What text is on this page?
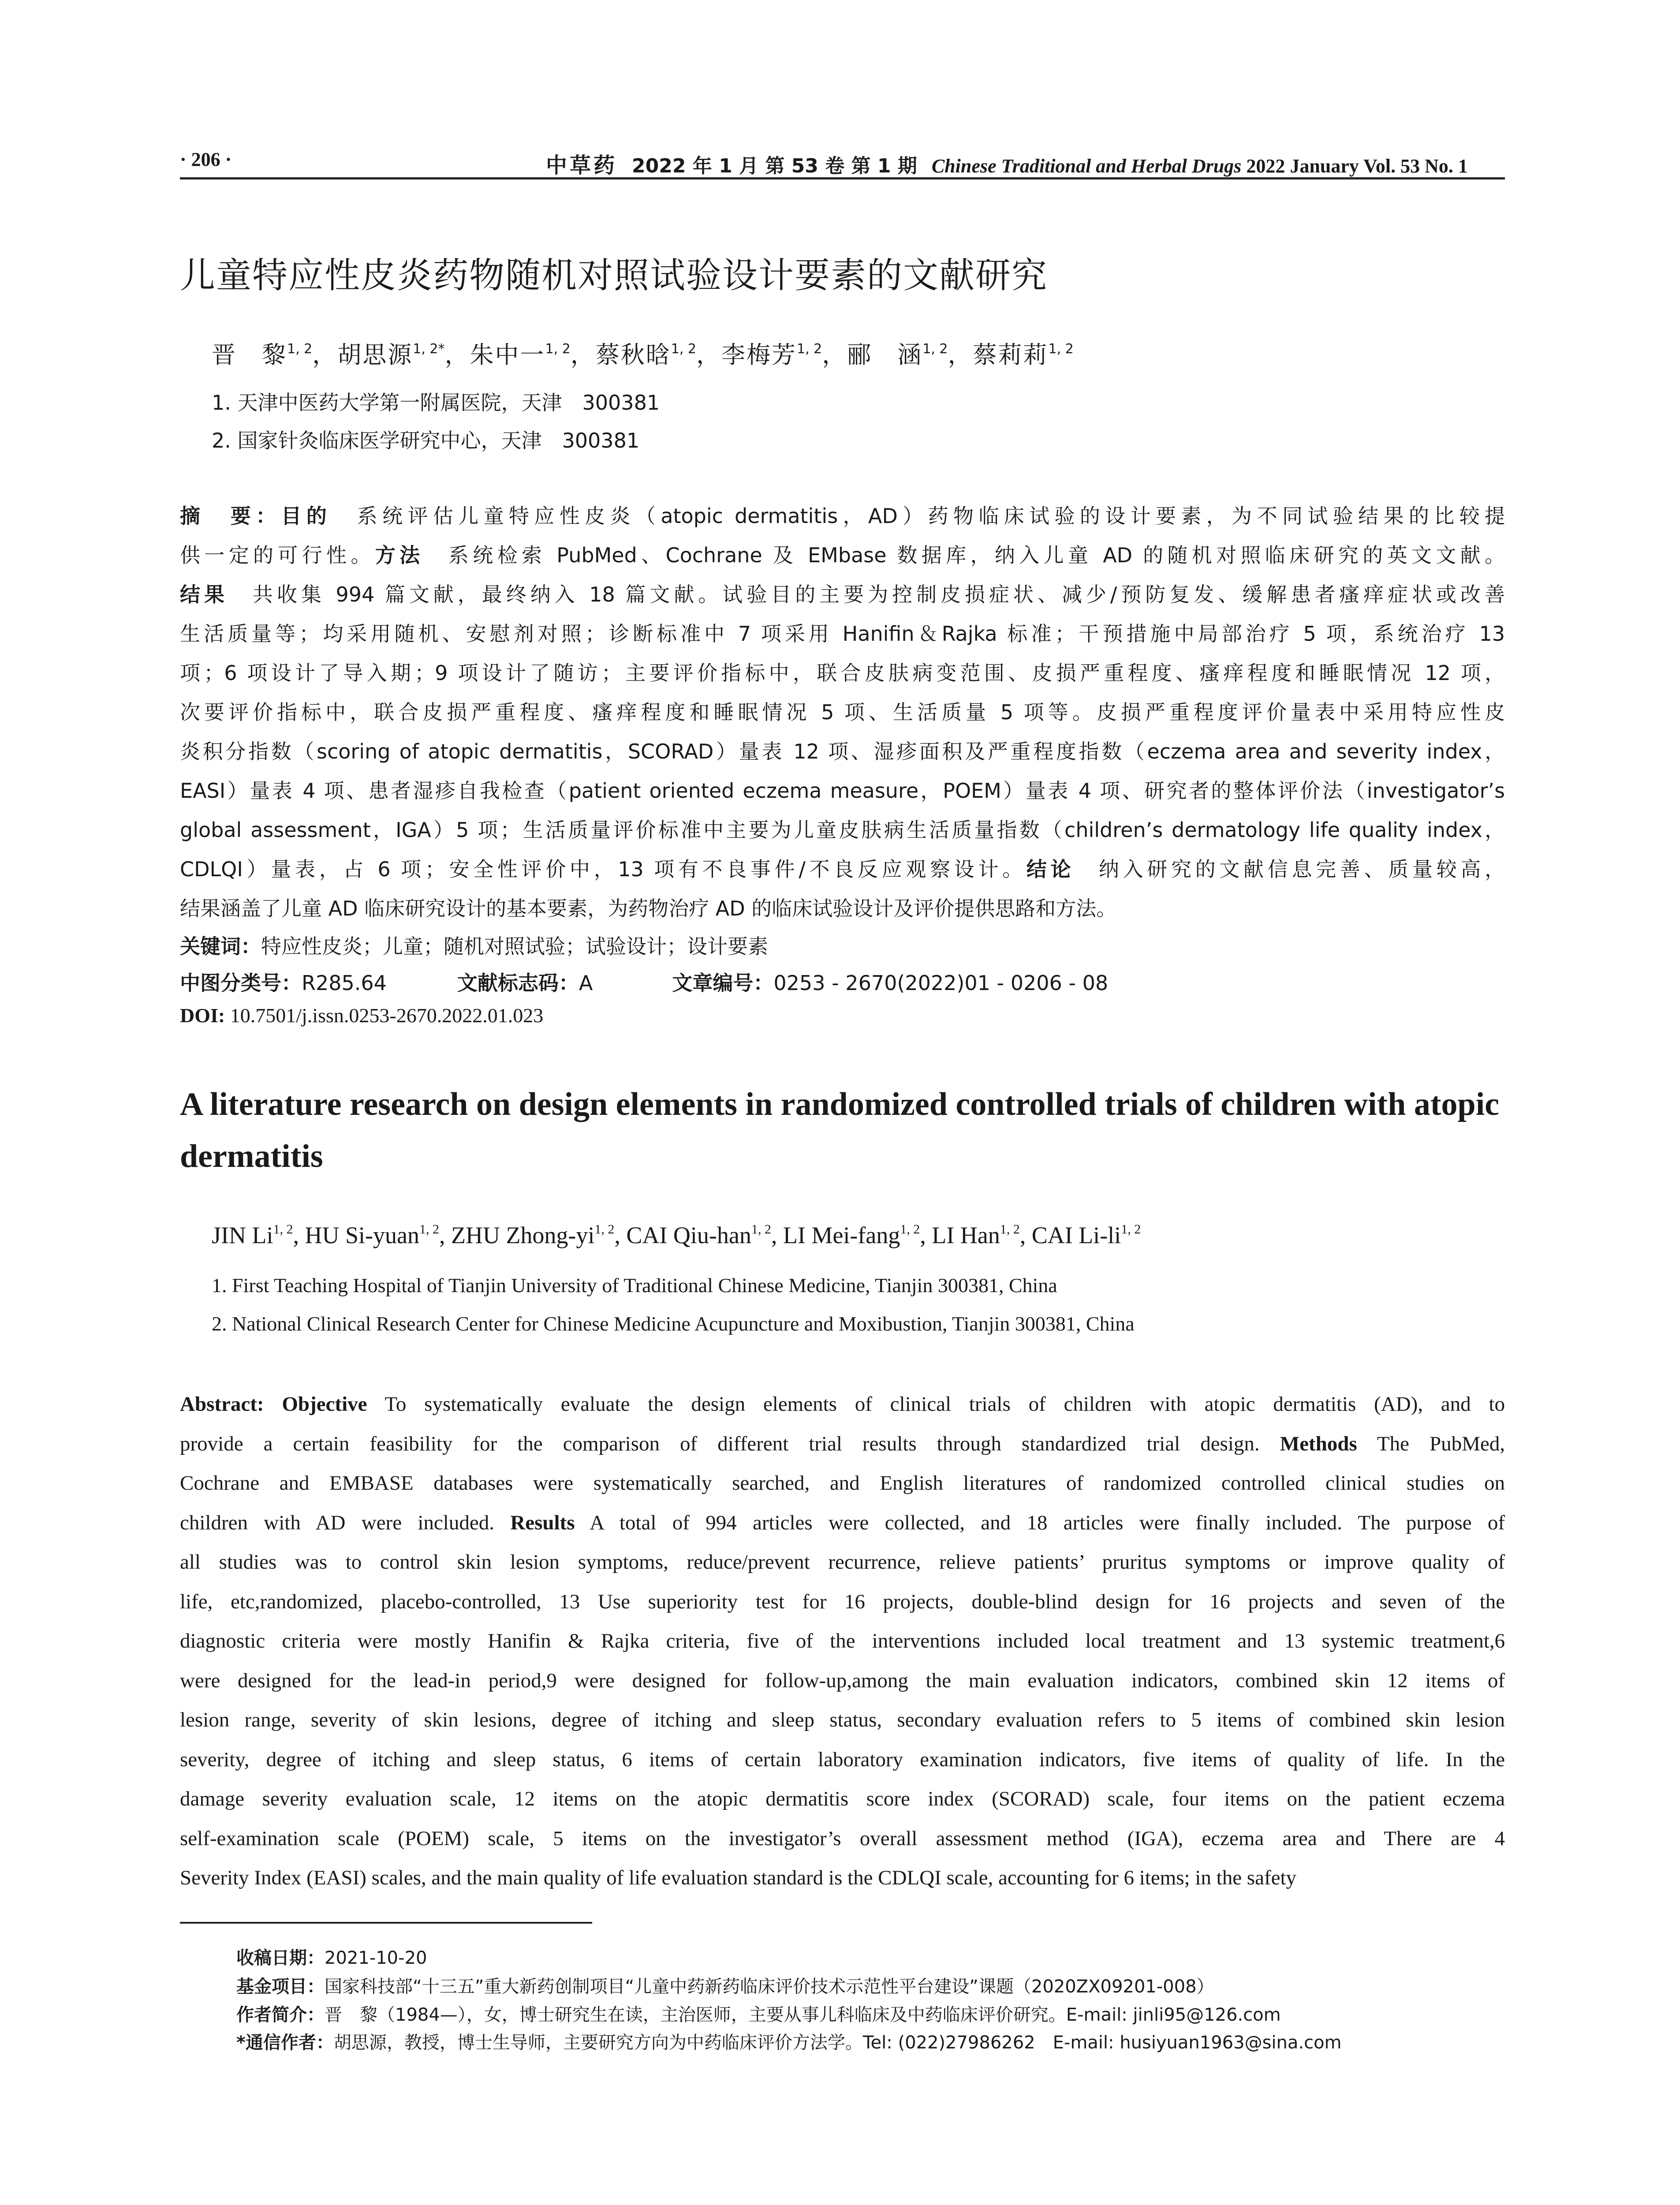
· 206 ·	中草药 2022 年 1 月 第 53 卷 第 1 期 Chinese Traditional and Herbal Drugs 2022 January Vol. 53 No. 1
儿童特应性皮炎药物随机对照试验设计要素的文献研究
晋　黎$^{1, 2}$，胡思源$^{1, 2*}$，朱中一$^{1, 2}$，蔡秋晗$^{1, 2}$，李梅芳$^{1, 2}$，郦　涵$^{1, 2}$，蔡莉莉$^{1, 2}$
1. 天津中医药大学第一附属医院，天津　300381
2. 国家针灸临床医学研究中心，天津　300381
摘　要：目的　系统评估儿童特应性皮炎（atopic dermatitis，AD）药物临床试验的设计要素，为不同试验结果的比较提
供一定的可行性。方法　系统检索 PubMed、Cochrane 及 EMbase 数据库，纳入儿童 AD 的随机对照临床研究的英文文献。
结果　共收集 994 篇文献，最终纳入 18 篇文献。试验目的主要为控制皮损症状、减少/预防复发、缓解患者瘙痒症状或改善
生活质量等；均采用随机、安慰剂对照；诊断标准中 7 项采用 Hanifin＆Rajka 标准；干预措施中局部治疗 5 项，系统治疗 13
项；6 项设计了导入期；9 项设计了随访；主要评价指标中，联合皮肤病变范围、皮损严重程度、瘙痒程度和睡眠情况 12 项，
次要评价指标中，联合皮损严重程度、瘙痒程度和睡眠情况 5 项、生活质量 5 项等。皮损严重程度评价量表中采用特应性皮
炎积分指数（scoring of atopic dermatitis，SCORAD）量表 12 项、湿疹面积及严重程度指数（eczema area and severity index，
EASI）量表 4 项、患者湿疹自我检查（patient oriented eczema measure，POEM）量表 4 项、研究者的整体评价法（investigator’s
global assessment，IGA）5 项；生活质量评价标准中主要为儿童皮肤病生活质量指数（children’s dermatology life quality index，
CDLQI）量表，占 6 项；安全性评价中，13 项有不良事件/不良反应观察设计。结论　纳入研究的文献信息完善、质量较高，
结果涵盖了儿童 AD 临床研究设计的基本要素，为药物治疗 AD 的临床试验设计及评价提供思路和方法。
关键词：特应性皮炎；儿童；随机对照试验；试验设计；设计要素
中图分类号：R285.64	文献标志码：A	文章编号：0253 - 2670(2022)01 - 0206 - 08
DOI: 10.7501/j.issn.0253-2670.2022.01.023
A literature research on design elements in randomized controlled trials of children with atopic dermatitis
JIN Li$^{1, 2}$, HU Si-yuan$^{1, 2}$, ZHU Zhong-yi$^{1, 2}$, CAI Qiu-han$^{1, 2}$, LI Mei-fang$^{1, 2}$, LI Han$^{1, 2}$, CAI Li-li$^{1, 2}$
1. First Teaching Hospital of Tianjin University of Traditional Chinese Medicine, Tianjin 300381, China
2. National Clinical Research Center for Chinese Medicine Acupuncture and Moxibustion, Tianjin 300381, China
Abstract: Objective To systematically evaluate the design elements of clinical trials of children with atopic dermatitis (AD), and to
provide a certain feasibility for the comparison of different trial results through standardized trial design. Methods The PubMed,
Cochrane and EMBASE databases were systematically searched, and English literatures of randomized controlled clinical studies on
children with AD were included. Results A total of 994 articles were collected, and 18 articles were finally included. The purpose of
all studies was to control skin lesion symptoms, reduce/prevent recurrence, relieve patients’ pruritus symptoms or improve quality of
life, etc,randomized, placebo-controlled, 13 Use superiority test for 16 projects, double-blind design for 16 projects and seven of the
diagnostic criteria were mostly Hanifin & Rajka criteria, five of the interventions included local treatment and 13 systemic treatment,6
were designed for the lead-in period,9 were designed for follow-up,among the main evaluation indicators, combined skin 12 items of
lesion range, severity of skin lesions, degree of itching and sleep status, secondary evaluation refers to 5 items of combined skin lesion
severity, degree of itching and sleep status, 6 items of certain laboratory examination indicators, five items of quality of life. In the
damage severity evaluation scale, 12 items on the atopic dermatitis score index (SCORAD) scale, four items on the patient eczema
self-examination scale (POEM) scale, 5 items on the investigator’s overall assessment method (IGA), eczema area and There are 4
Severity Index (EASI) scales, and the main quality of life evaluation standard is the CDLQI scale, accounting for 6 items; in the safety
收稿日期：2021-10-20
基金项目：国家科技部“十三五”重大新药创制项目“儿童中药新药临床评价技术示范性平台建设”课题（2020ZX09201-008）
作者简介：晋　黎（1984—），女，博士研究生在读，主治医师，主要从事儿科临床及中药临床评价研究。E-mail: jinli95@126.com
*通信作者：胡思源，教授，博士生导师，主要研究方向为中药临床评价方法学。Tel: (022)27986262　E-mail: husiyuan1963@sina.com
